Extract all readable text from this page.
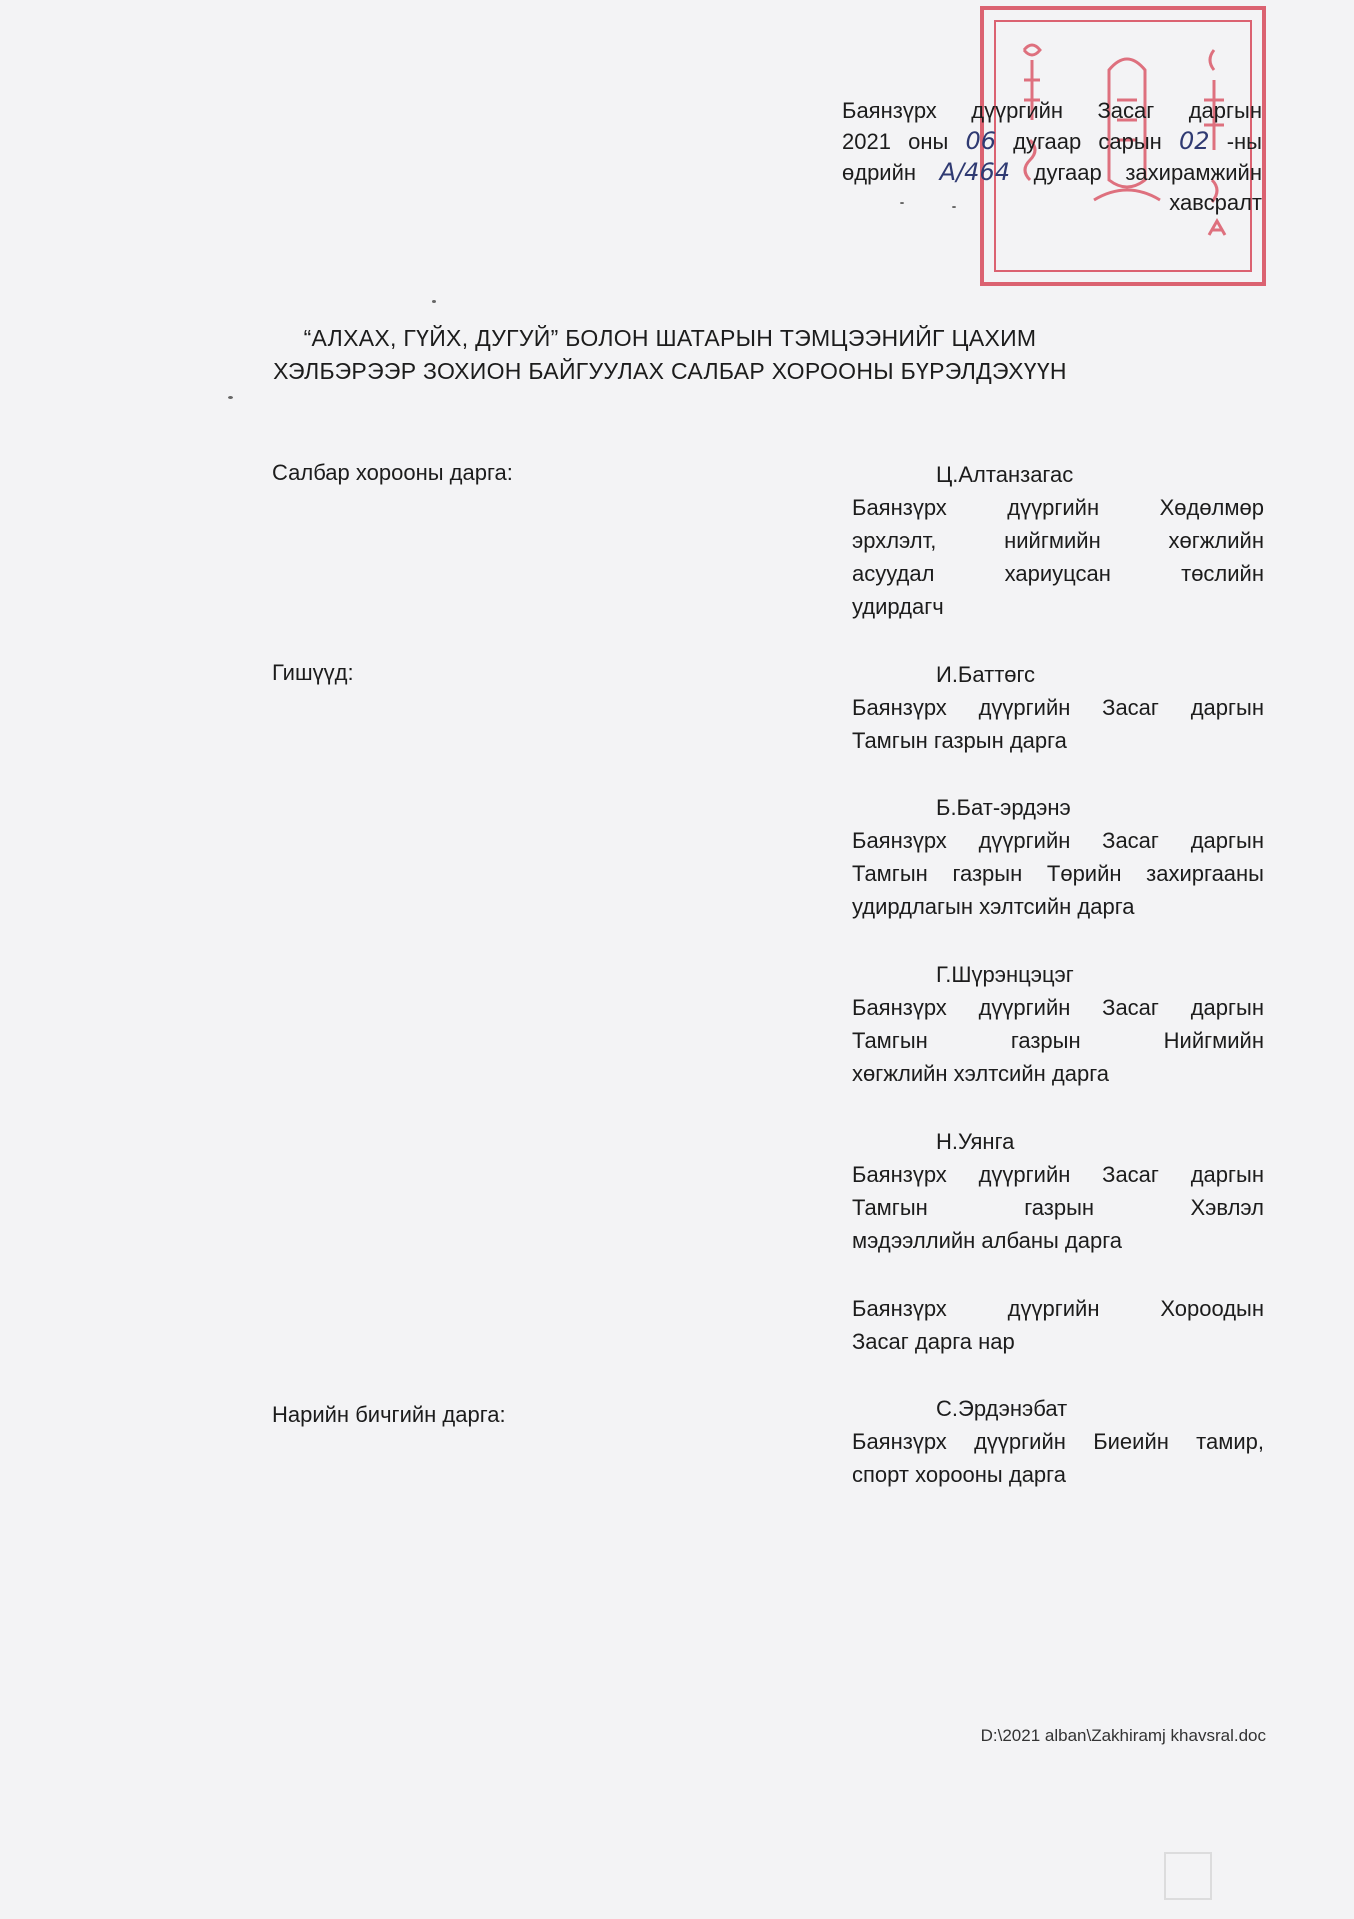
Баянзүрх дүүргийн Засаг даргын
2021 оны 06 дугаар сарын 02 -ны
өдрийн А/464 дугаар захирамжийн
хавсралт
“АЛХАХ, ГҮЙХ, ДУГУЙ” БОЛОН ШАТАРЫН ТЭМЦЭЭНИЙГ ЦАХИМ
ХЭЛБЭРЭЭР ЗОХИОН БАЙГУУЛАХ САЛБАР ХОРООНЫ БҮРЭЛДЭХҮҮН
Салбар хорооны дарга:	Ц.Алтанзагас
Баянзүрх дүүргийн Хөдөлмөр
эрхлэлт, нийгмийн хөгжлийн
асуудал хариуцсан төслийн
удирдагч
Гишүүд:	И.Баттөгс
Баянзүрх дүүргийн Засаг даргын
Тамгын газрын дарга
Б.Бат-эрдэнэ
Баянзүрх дүүргийн Засаг даргын
Тамгын газрын Төрийн захиргааны
удирдлагын хэлтсийн дарга
Г.Шүрэнцэцэг
Баянзүрх дүүргийн Засаг даргын
Тамгын газрын Нийгмийн
хөгжлийн хэлтсийн дарга
Н.Уянга
Баянзүрх дүүргийн Засаг даргын
Тамгын газрын Хэвлэл
мэдээллийн албаны дарга
Баянзүрх дүүргийн Хороодын
Засаг дарга нар
Нарийн бичгийн дарга:	С.Эрдэнэбат
Баянзүрх дүүргийн Биеийн тамир,
спорт хорооны дарга
D:\2021 alban\Zakhiramj khavsral.doc
